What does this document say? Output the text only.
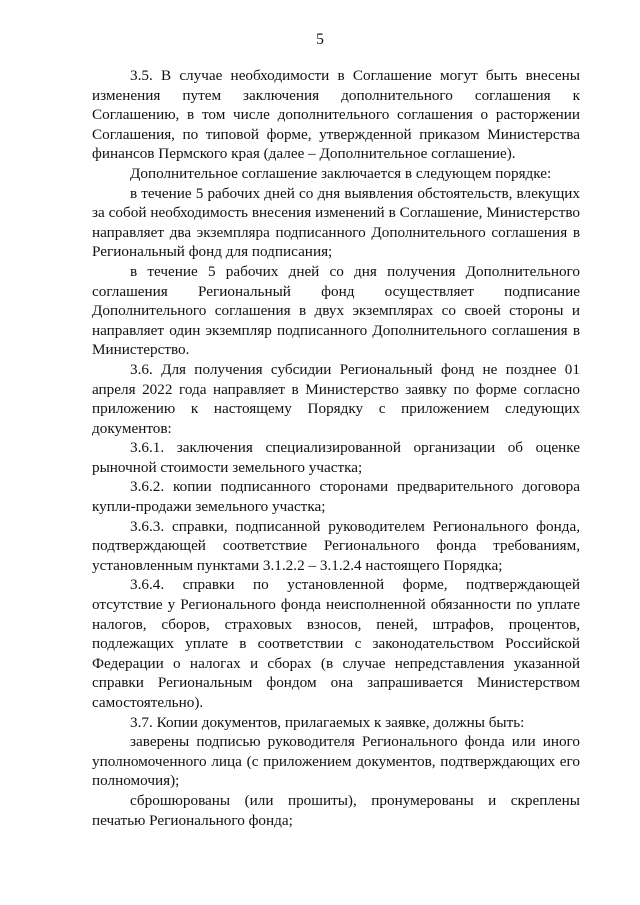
5

3.5. В случае необходимости в Соглашение могут быть внесены изменения путем заключения дополнительного соглашения к Соглашению, в том числе дополнительного соглашения о расторжении Соглашения, по типовой форме, утвержденной приказом Министерства финансов Пермского края (далее – Дополнительное соглашение).

Дополнительное соглашение заключается в следующем порядке:

в течение 5 рабочих дней со дня выявления обстоятельств, влекущих за собой необходимость внесения изменений в Соглашение, Министерство направляет два экземпляра подписанного Дополнительного соглашения в Региональный фонд для подписания;

в течение 5 рабочих дней со дня получения Дополнительного соглашения Региональный фонд осуществляет подписание Дополнительного соглашения в двух экземплярах со своей стороны и направляет один экземпляр подписанного Дополнительного соглашения в Министерство.

3.6. Для получения субсидии Региональный фонд не позднее 01 апреля 2022 года направляет в Министерство заявку по форме согласно приложению к настоящему Порядку с приложением следующих документов:

3.6.1. заключения специализированной организации об оценке рыночной стоимости земельного участка;

3.6.2. копии подписанного сторонами предварительного договора купли-продажи земельного участка;

3.6.3. справки, подписанной руководителем Регионального фонда, подтверждающей соответствие Регионального фонда требованиям, установленным пунктами 3.1.2.2 – 3.1.2.4 настоящего Порядка;

3.6.4. справки по установленной форме, подтверждающей отсутствие у Регионального фонда неисполненной обязанности по уплате налогов, сборов, страховых взносов, пеней, штрафов, процентов, подлежащих уплате в соответствии с законодательством Российской Федерации о налогах и сборах (в случае непредставления указанной справки Региональным фондом она запрашивается Министерством самостоятельно).

3.7. Копии документов, прилагаемых к заявке, должны быть:

заверены подписью руководителя Регионального фонда или иного уполномоченного лица (с приложением документов, подтверждающих его полномочия);

сброшюрованы (или прошиты), пронумерованы и скреплены печатью Регионального фонда;
